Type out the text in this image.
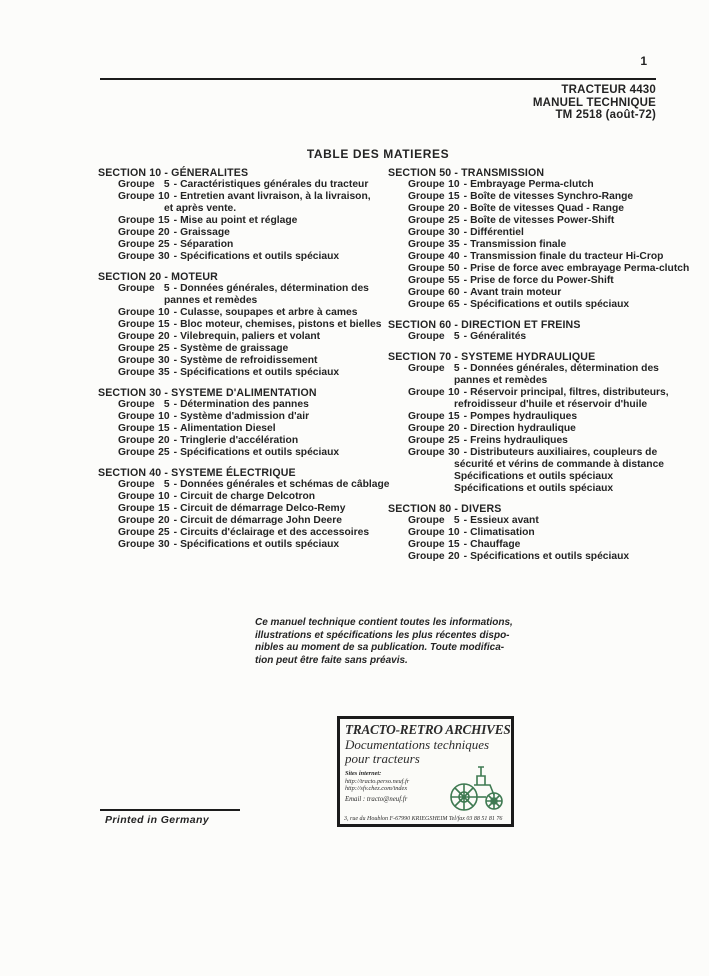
1
TRACTEUR 4430
MANUEL TECHNIQUE
TM 2518 (août-72)
TABLE DES MATIERES
SECTION 10 - GÉNERALITES
Groupe 5 - Caractéristiques générales du tracteur
Groupe 10 - Entretien avant livraison, à la livraison,
et après vente.
Groupe 15 - Mise au point et réglage
Groupe 20 - Graissage
Groupe 25 - Séparation
Groupe 30 - Spécifications et outils spéciaux
SECTION 20 - MOTEUR
Groupe 5 - Données générales, détermination des
pannes et remèdes
Groupe 10 - Culasse, soupapes et arbre à cames
Groupe 15 - Bloc moteur, chemises, pistons et bielles
Groupe 20 - Vilebrequin, paliers et volant
Groupe 25 - Système de graissage
Groupe 30 - Système de refroidissement
Groupe 35 - Spécifications et outils spéciaux
SECTION 30 - SYSTEME D'ALIMENTATION
Groupe 5 - Détermination des pannes
Groupe 10 - Système d'admission d'air
Groupe 15 - Alimentation Diesel
Groupe 20 - Tringlerie d'accélération
Groupe 25 - Spécifications et outils spéciaux
SECTION 40 - SYSTEME ÉLECTRIQUE
Groupe 5 - Données générales et schémas de câblage
Groupe 10 - Circuit de charge Delcotron
Groupe 15 - Circuit de démarrage Delco-Remy
Groupe 20 - Circuit de démarrage John Deere
Groupe 25 - Circuits d'éclairage et des accessoires
Groupe 30 - Spécifications et outils spéciaux
SECTION 50 - TRANSMISSION
Groupe 10 - Embrayage Perma-clutch
Groupe 15 - Boîte de vitesses Synchro-Range
Groupe 20 - Boîte de vitesses Quad - Range
Groupe 25 - Boîte de vitesses Power-Shift
Groupe 30 - Différentiel
Groupe 35 - Transmission finale
Groupe 40 - Transmission finale du tracteur Hi-Crop
Groupe 50 - Prise de force avec embrayage Perma-clutch
Groupe 55 - Prise de force du Power-Shift
Groupe 60 - Avant train moteur
Groupe 65 - Spécifications et outils spéciaux
SECTION 60 - DIRECTION ET FREINS
Groupe 5 - Généralités
SECTION 70 - SYSTEME HYDRAULIQUE
Groupe 5 - Données générales, détermination des
pannes et remèdes
Groupe 10 - Réservoir principal, filtres, distributeurs,
refroidisseur d'huile et réservoir d'huile
Groupe 15 - Pompes hydrauliques
Groupe 20 - Direction hydraulique
Groupe 25 - Freins hydrauliques
Groupe 30 - Distributeurs auxiliaires, coupleurs de
sécurité et vérins de commande à distance
Spécifications et outils spéciaux
Spécifications et outils spéciaux
SECTION 80 - DIVERS
Groupe 5 - Essieux avant
Groupe 10 - Climatisation
Groupe 15 - Chauffage
Groupe 20 - Spécifications et outils spéciaux
Ce manuel technique contient toutes les informations,
illustrations et spécifications les plus récentes dispo-
nibles au moment de sa publication. Toute modifica-
tion peut être faite sans préavis.
TRACTO-RETRO ARCHIVES
Documentations techniques
pour tracteurs
Sites internet:
http://tracto.perso.neuf.fr
http://sfv.chez.com/index
Email : tracto@neuf.fr
3, rue du Houblon F-67990 KRIEGSHEIM Tel/fax 03 88 51 81 76
Printed in Germany
